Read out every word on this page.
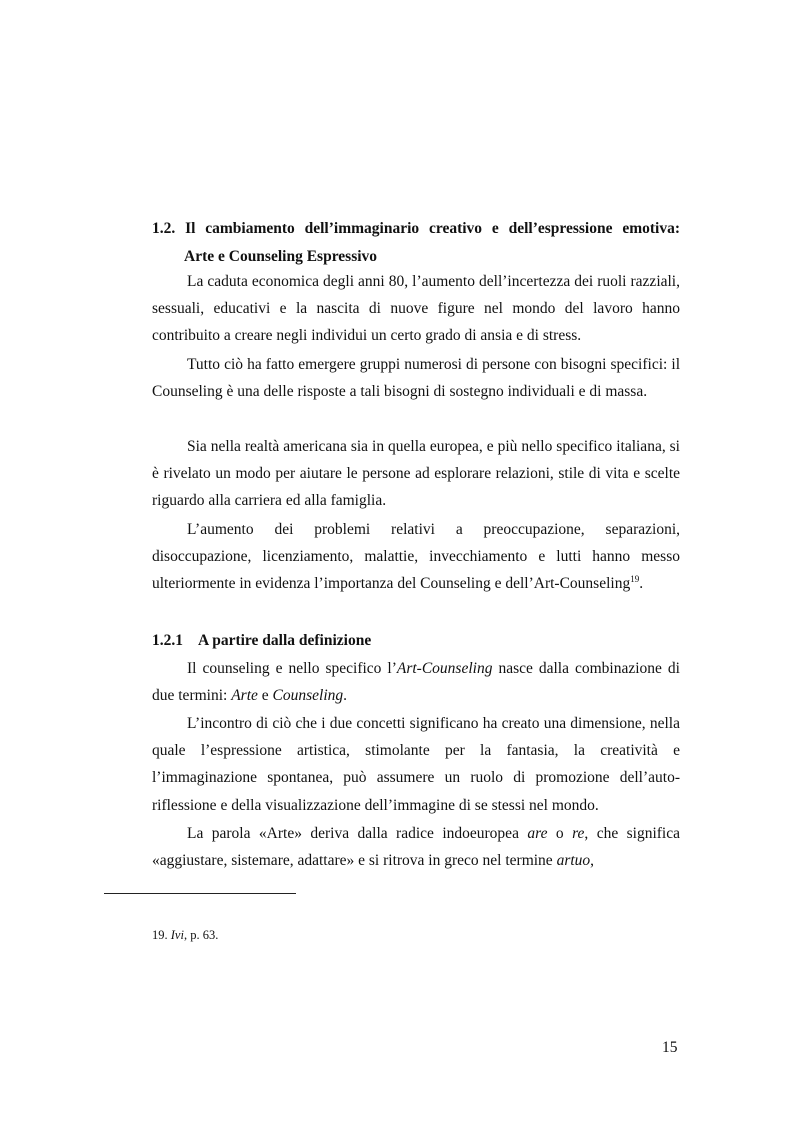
1.2. Il cambiamento dell’immaginario creativo e dell’espressione emotiva:
Arte e Counseling Espressivo

La caduta economica degli anni 80, l’aumento dell’incertezza dei ruoli razziali, sessuali, educativi e la nascita di nuove figure nel mondo del lavoro hanno contribuito a creare negli individui un certo grado di ansia e di stress.

Tutto ciò ha fatto emergere gruppi numerosi di persone con bisogni specifici: il Counseling è una delle risposte a tali bisogni di sostegno individuali e di massa.

Sia nella realtà americana sia in quella europea, e più nello specifico italiana, si è rivelato un modo per aiutare le persone ad esplorare relazioni, stile di vita e scelte riguardo alla carriera ed alla famiglia.

L’aumento dei problemi relativi a preoccupazione, separazioni, disoccupazione, licenziamento, malattie, invecchiamento e lutti hanno messo ulteriormente in evidenza l’importanza del Counseling e dell’Art-Counseling$^{19}$.

1.2.1 A partire dalla definizione

Il counseling e nello specifico l’Art-Counseling nasce dalla combinazione di due termini: Arte e Counseling.

L’incontro di ciò che i due concetti significano ha creato una dimensione, nella quale l’espressione artistica, stimolante per la fantasia, la creatività e l’immaginazione spontanea, può assumere un ruolo di promozione dell’auto-riflessione e della visualizzazione dell’immagine di se stessi nel mondo.

La parola «Arte» deriva dalla radice indoeuropea are o re, che significa «aggiustare, sistemare, adattare» e si ritrova in greco nel termine artuo,

19. Ivi, p. 63.
15
